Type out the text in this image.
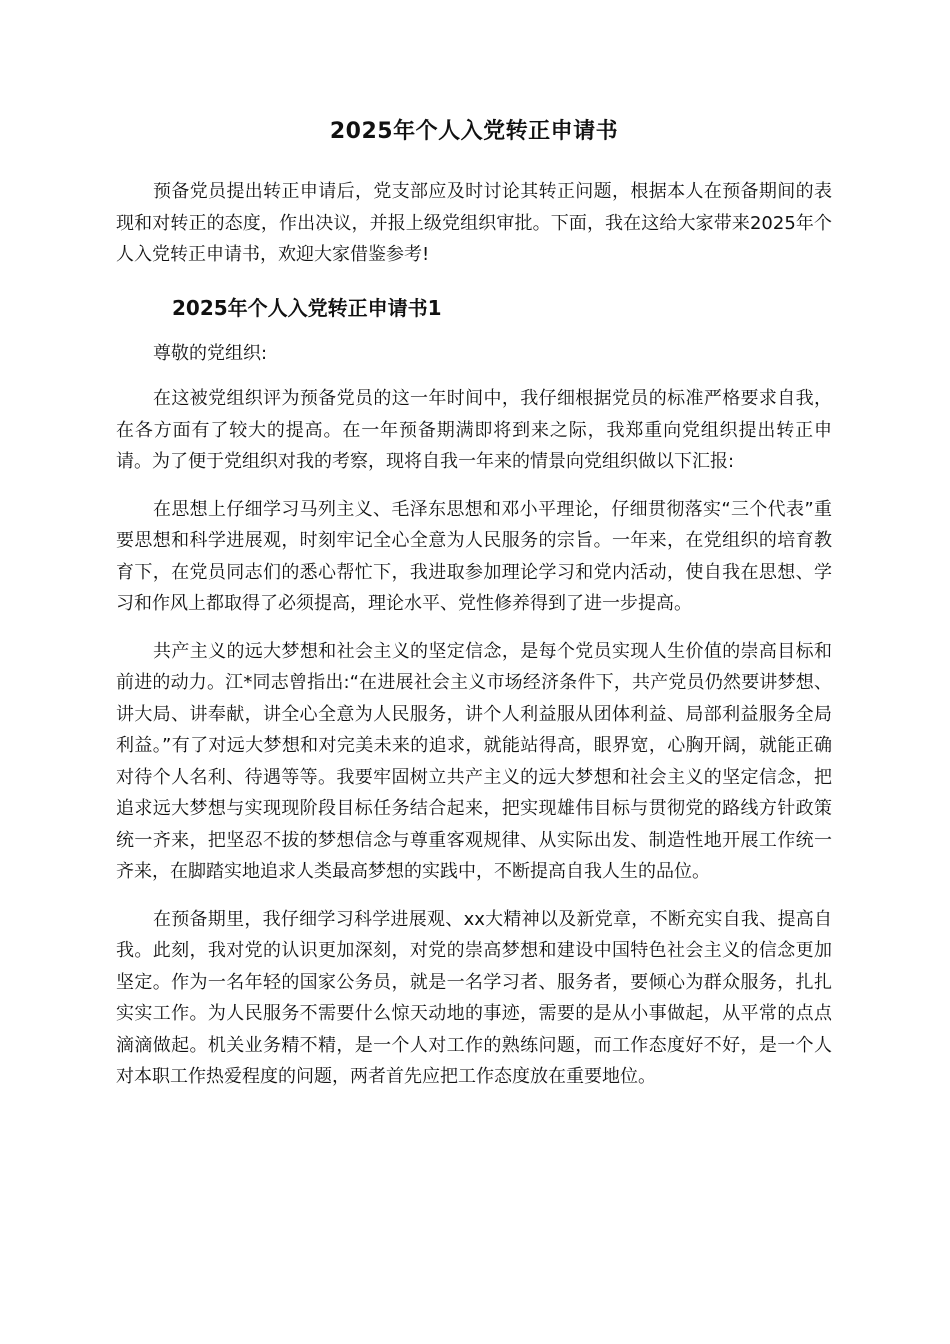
2025年个人入党转正申请书

预备党员提出转正申请后，党支部应及时讨论其转正问题，根据本人在预备期间的表现和对转正的态度，作出决议，并报上级党组织审批。下面，我在这给大家带来2025年个人入党转正申请书，欢迎大家借鉴参考!

2025年个人入党转正申请书1

尊敬的党组织:

在这被党组织评为预备党员的这一年时间中，我仔细根据党员的标准严格要求自我，在各方面有了较大的提高。在一年预备期满即将到来之际，我郑重向党组织提出转正申请。为了便于党组织对我的考察，现将自我一年来的情景向党组织做以下汇报:

在思想上仔细学习马列主义、毛泽东思想和邓小平理论，仔细贯彻落实“三个代表”重要思想和科学进展观，时刻牢记全心全意为人民服务的宗旨。一年来，在党组织的培育教育下，在党员同志们的悉心帮忙下，我进取参加理论学习和党内活动，使自我在思想、学习和作风上都取得了必须提高，理论水平、党性修养得到了进一步提高。

共产主义的远大梦想和社会主义的坚定信念，是每个党员实现人生价值的崇高目标和前进的动力。江*同志曾指出:“在进展社会主义市场经济条件下，共产党员仍然要讲梦想、讲大局、讲奉献，讲全心全意为人民服务，讲个人利益服从团体利益、局部利益服务全局利益。”有了对远大梦想和对完美未来的追求，就能站得高，眼界宽，心胸开阔，就能正确对待个人名利、待遇等等。我要牢固树立共产主义的远大梦想和社会主义的坚定信念，把追求远大梦想与实现现阶段目标任务结合起来，把实现雄伟目标与贯彻党的路线方针政策统一齐来，把坚忍不拔的梦想信念与尊重客观规律、从实际出发、制造性地开展工作统一齐来，在脚踏实地追求人类最高梦想的实践中，不断提高自我人生的品位。

在预备期里，我仔细学习科学进展观、xx大精神以及新党章，不断充实自我、提高自我。此刻，我对党的认识更加深刻，对党的崇高梦想和建设中国特色社会主义的信念更加坚定。作为一名年轻的国家公务员，就是一名学习者、服务者，要倾心为群众服务，扎扎实实工作。为人民服务不需要什么惊天动地的事迹，需要的是从小事做起，从平常的点点滴滴做起。机关业务精不精，是一个人对工作的熟练问题，而工作态度好不好，是一个人对本职工作热爱程度的问题，两者首先应把工作态度放在重要地位。
